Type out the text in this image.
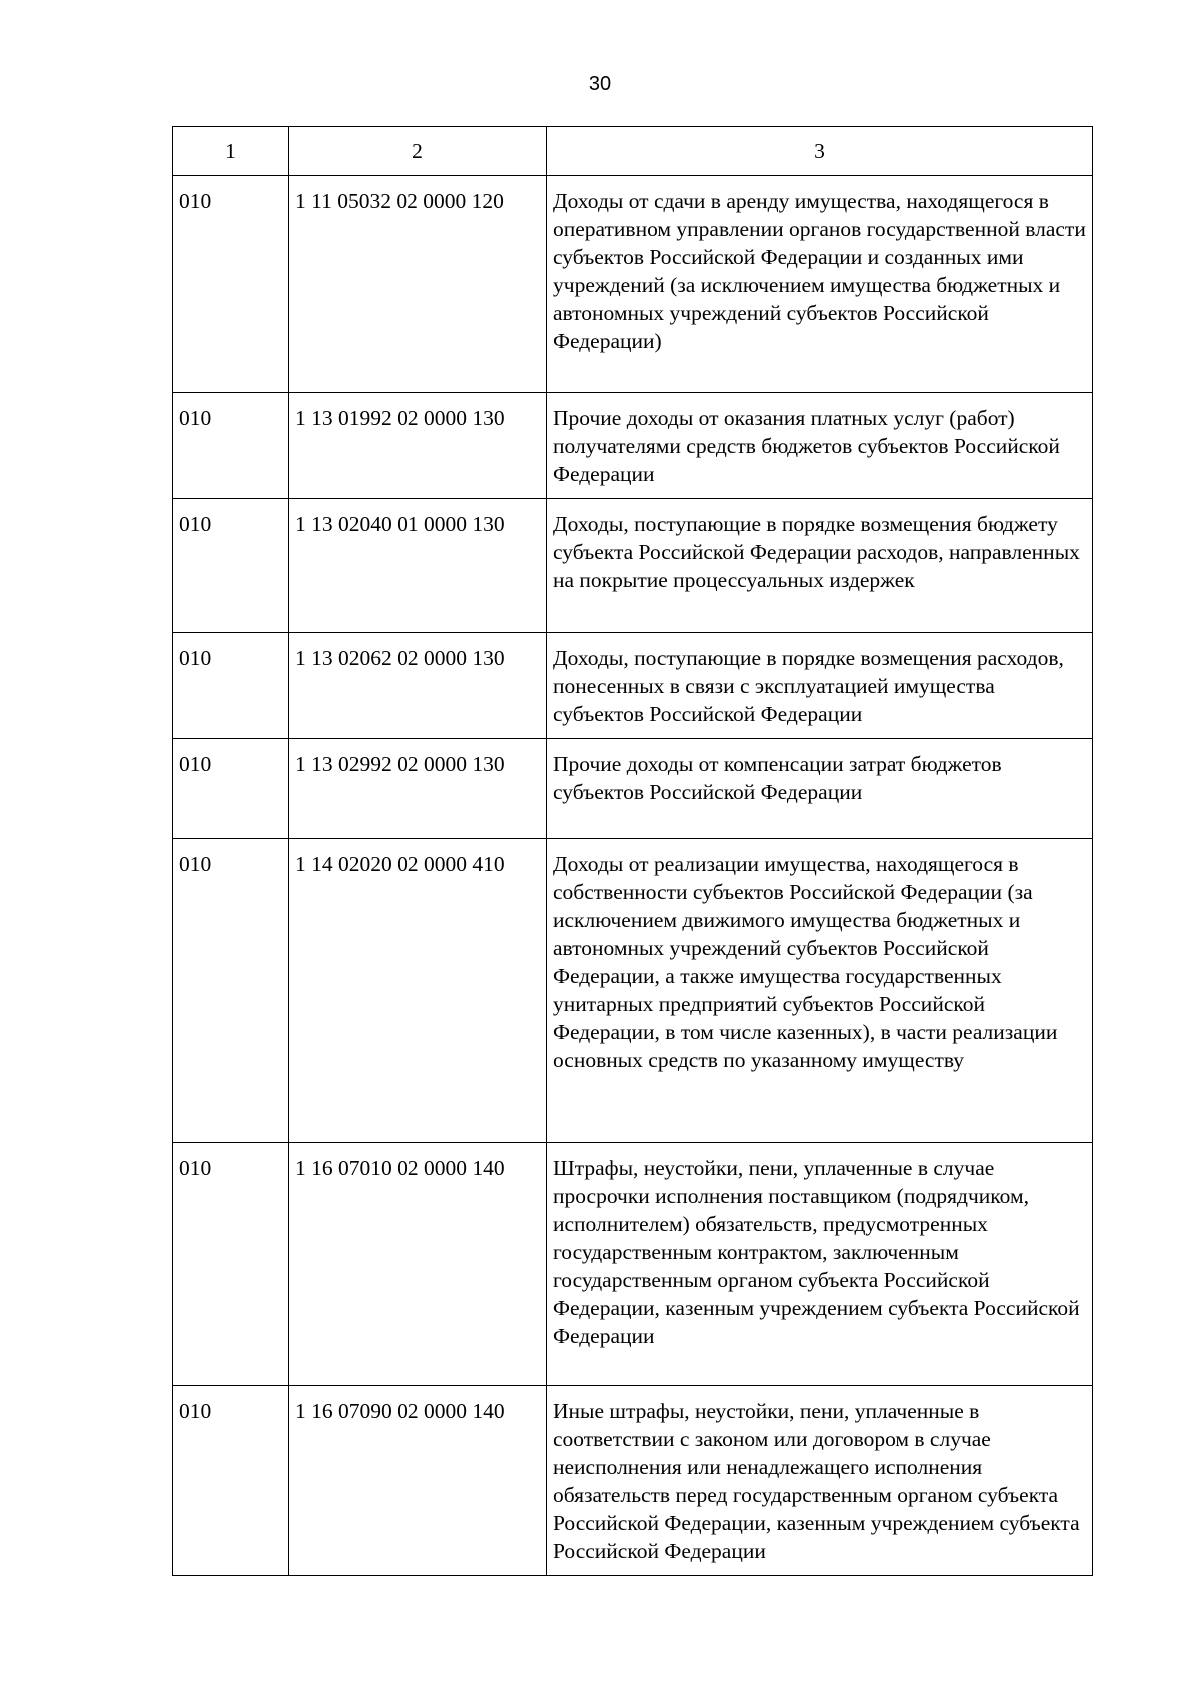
30
1	2	3
010	1 11 05032 02 0000 120	Доходы от сдачи в аренду имущества, находящегося в оперативном управлении органов государственной власти субъектов Российской Федерации и созданных ими учреждений (за исключением имущества бюджетных и автономных учреждений субъектов Российской Федерации)
010	1 13 01992 02 0000 130	Прочие доходы от оказания платных услуг (работ) получателями средств бюджетов субъектов Российской Федерации
010	1 13 02040 01 0000 130	Доходы, поступающие в порядке возмещения бюджету субъекта Российской Федерации расходов, направленных на покрытие процессуальных издержек
010	1 13 02062 02 0000 130	Доходы, поступающие в порядке возмещения расходов, понесенных в связи с эксплуатацией имущества субъектов Российской Федерации
010	1 13 02992 02 0000 130	Прочие доходы от компенсации затрат бюджетов субъектов Российской Федерации
010	1 14 02020 02 0000 410	Доходы от реализации имущества, находящегося в собственности субъектов Российской Федерации (за исключением движимого имущества бюджетных и автономных учреждений субъектов Российской Федерации, а также имущества государственных унитарных предприятий субъектов Российской Федерации, в том числе казенных), в части реализации основных средств по указанному имуществу
010	1 16 07010 02 0000 140	Штрафы, неустойки, пени, уплаченные в случае просрочки исполнения поставщиком (подрядчиком, исполнителем) обязательств, предусмотренных государственным контрактом, заключенным государственным органом субъекта Российской Федерации, казенным учреждением субъекта Российской Федерации
010	1 16 07090 02 0000 140	Иные штрафы, неустойки, пени, уплаченные в соответствии с законом или договором в случае неисполнения или ненадлежащего исполнения обязательств перед государственным органом субъекта Российской Федерации, казенным учреждением субъекта Российской Федерации
